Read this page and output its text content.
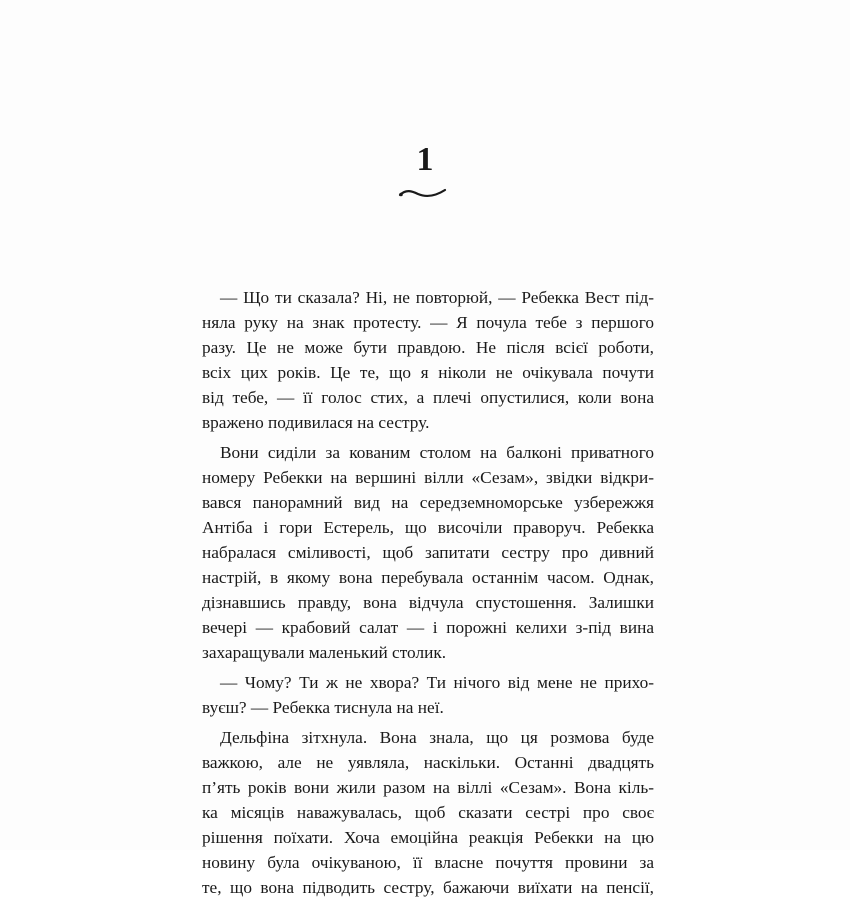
1
— Що ти сказала? Ні, не повторюй, — Ребекка Вест під-
няла руку на знак протесту. — Я почула тебе з першого
разу. Це не може бути правдою. Не після всієї роботи,
всіх цих років. Це те, що я ніколи не очікувала почути
від тебе, — її голос стих, а плечі опустилися, коли вона
вражено подивилася на сестру.
Вони сиділи за кованим столом на балконі приватного
номеру Ребекки на вершині вілли «Сезам», звідки відкри-
вався панорамний вид на середземноморське узбережжя
Антіба і гори Естерель, що височіли праворуч. Ребекка
набралася сміливості, щоб запитати сестру про дивний
настрій, в якому вона перебувала останнім часом. Однак,
дізнавшись правду, вона відчула спустошення. Залишки
вечері — крабовий салат — і порожні келихи з-під вина
захаращували маленький столик.
— Чому? Ти ж не хвора? Ти нічого від мене не прихо-
вуєш? — Ребекка тиснула на неї.
Дельфіна зітхнула. Вона знала, що ця розмова буде
важкою, але не уявляла, наскільки. Останні двадцять
п’ять років вони жили разом на віллі «Сезам». Вона кіль-
ка місяців наважувалась, щоб сказати сестрі про своє
рішення поїхати. Хоча емоційна реакція Ребекки на цю
новину була очікуваною, її власне почуття провини за
те, що вона підводить сестру, бажаючи виїхати на пенсії,
